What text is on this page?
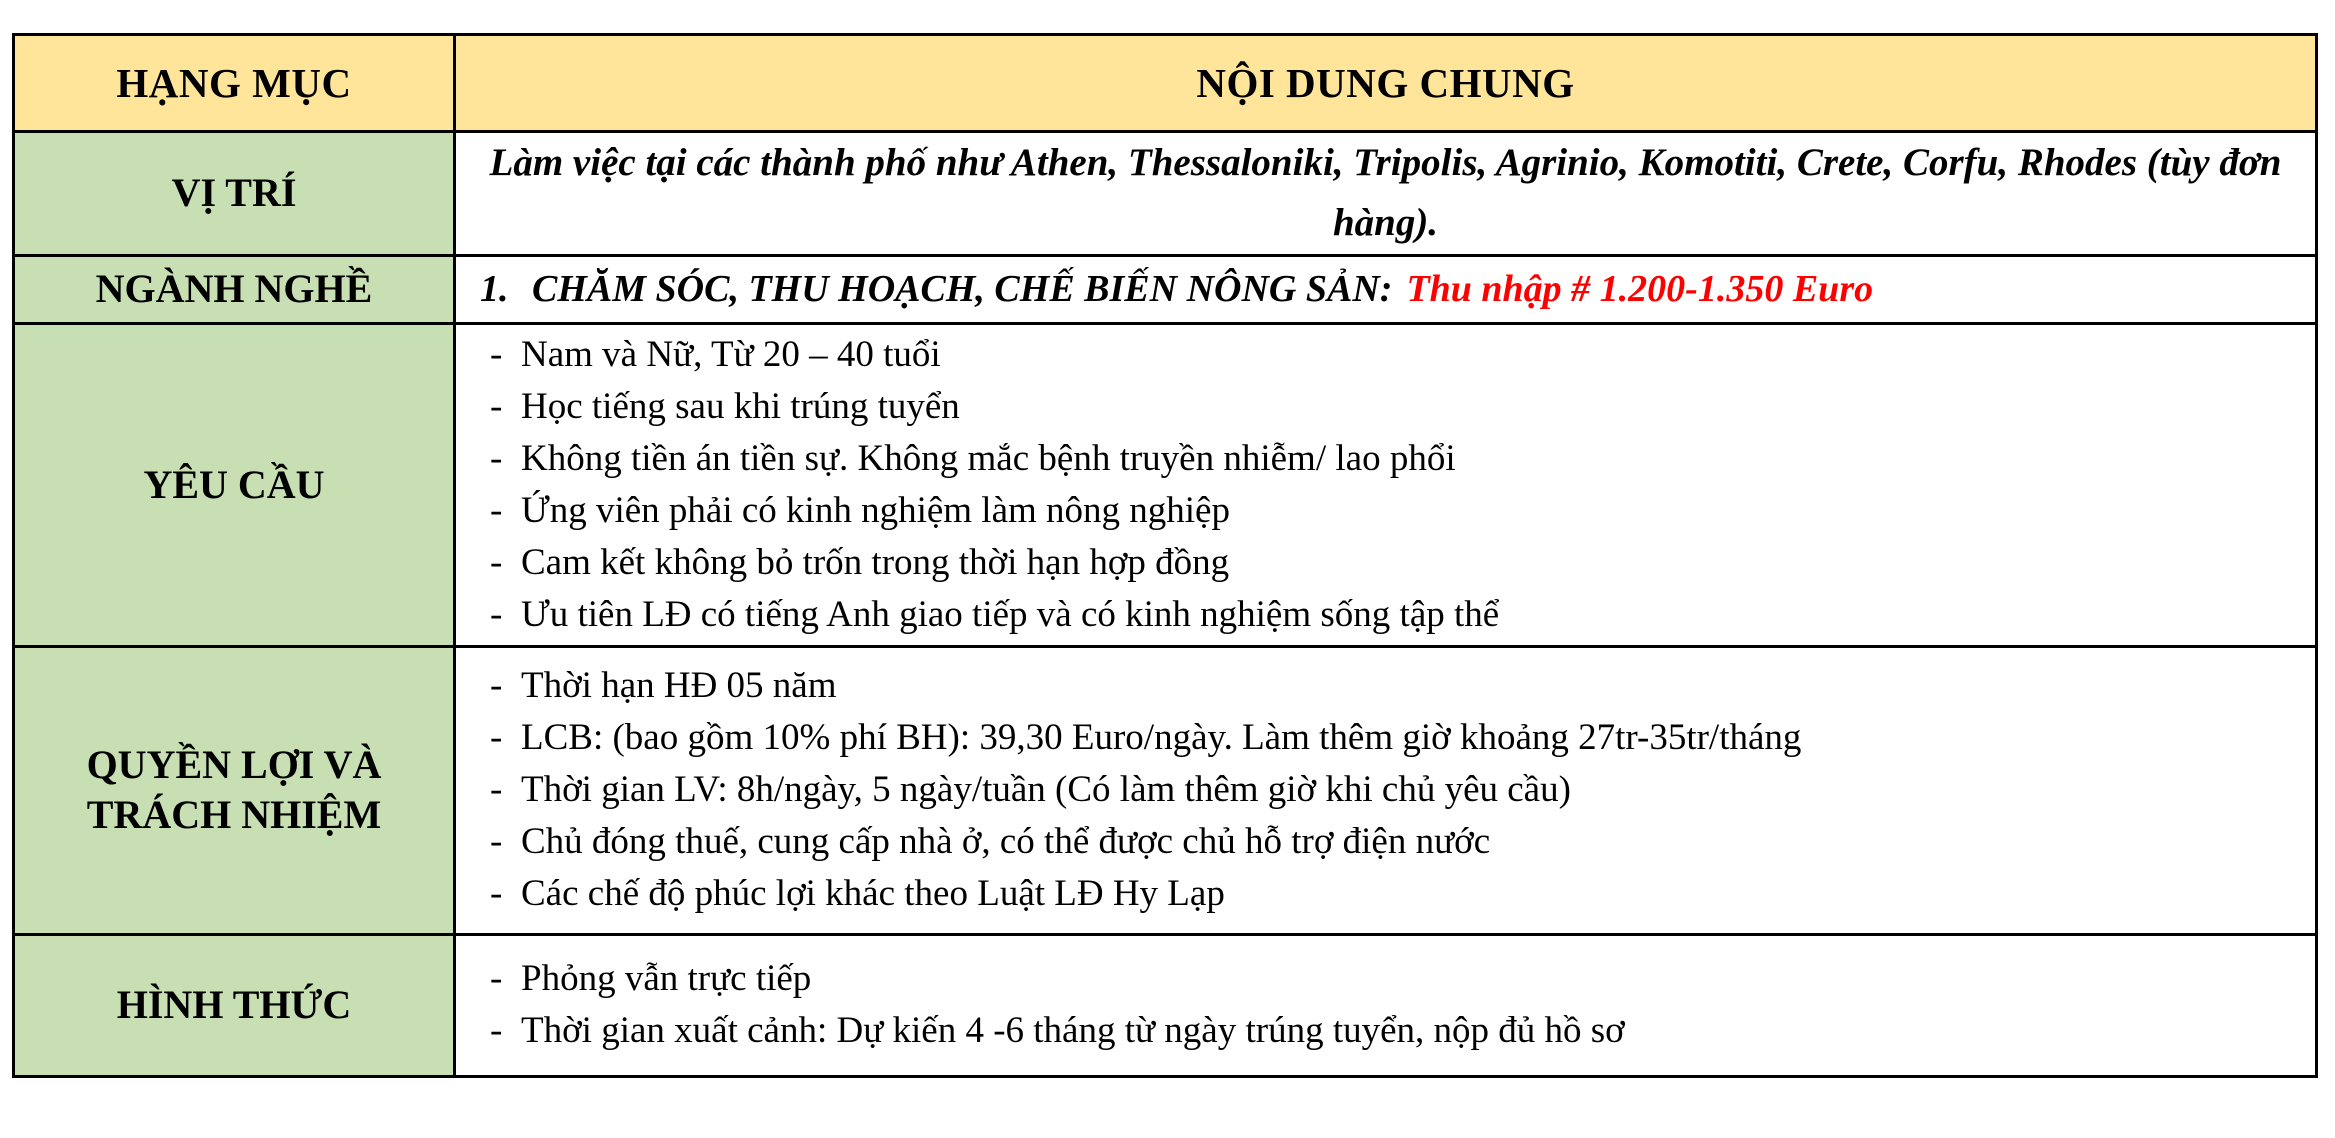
HẠNG MỤC	NỘI DUNG CHUNG
VỊ TRÍ	Làm việc tại các thành phố như Athen, Thessaloniki, Tripolis, Agrinio, Komotiti, Crete, Corfu, Rhodes (tùy đơn hàng).

NGÀNH NGHỀ	1. CHĂM SÓC, THU HOẠCH, CHẾ BIẾN NÔNG SẢN: Thu nhập # 1.200-1.350 Euro

YÊU CẦU	
- Nam và Nữ, Từ 20 – 40 tuổi
- Học tiếng sau khi trúng tuyển
- Không tiền án tiền sự. Không mắc bệnh truyền nhiễm/ lao phổi
- Ứng viên phải có kinh nghiệm làm nông nghiệp
- Cam kết không bỏ trốn trong thời hạn hợp đồng
- Ưu tiên LĐ có tiếng Anh giao tiếp và có kinh nghiệm sống tập thể

QUYỀN LỢI VÀ TRÁCH NHIỆM	
- Thời hạn HĐ 05 năm
- LCB: (bao gồm 10% phí BH): 39,30 Euro/ngày. Làm thêm giờ khoảng 27tr-35tr/tháng
- Thời gian LV: 8h/ngày, 5 ngày/tuần (Có làm thêm giờ khi chủ yêu cầu)
- Chủ đóng thuế, cung cấp nhà ở, có thể được chủ hỗ trợ điện nước
- Các chế độ phúc lợi khác theo Luật LĐ Hy Lạp

HÌNH THỨC	- Phỏng vẫn trực tiếp
- Thời gian xuất cảnh: Dự kiến 4 -6 tháng từ ngày trúng tuyển, nộp đủ hồ sơ
